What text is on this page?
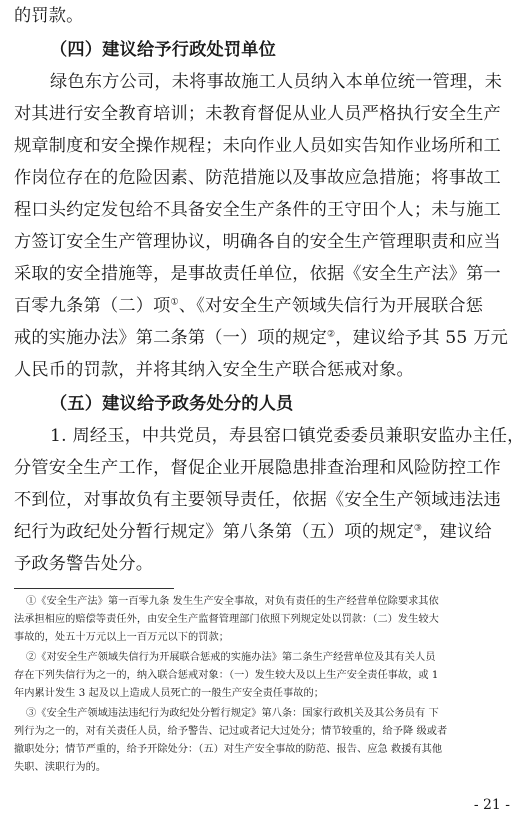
的罚款。
（四）建议给予行政处罚单位
绿色东方公司，未将事故施工人员纳入本单位统一管理，未
对其进行安全教育培训；未教育督促从业人员严格执行安全生产
规章制度和安全操作规程；未向作业人员如实告知作业场所和工
作岗位存在的危险因素、防范措施以及事故应急措施；将事故工
程口头约定发包给不具备安全生产条件的王守田个人；未与施工
方签订安全生产管理协议，明确各自的安全生产管理职责和应当
采取的安全措施等，是事故责任单位，依据《安全生产法》第一
百零九条第（二）项①、《对安全生产领域失信行为开展联合惩
戒的实施办法》第二条第（一）项的规定②，建议给予其 55 万元
人民币的罚款，并将其纳入安全生产联合惩戒对象。
（五）建议给予政务处分的人员
1. 周经玉，中共党员，寿县窑口镇党委委员兼职安监办主任，
分管安全生产工作，督促企业开展隐患排查治理和风险防控工作
不到位，对事故负有主要领导责任，依据《安全生产领域违法违
纪行为政纪处分暂行规定》第八条第（五）项的规定③，建议给
予政务警告处分。
①《安全生产法》第一百零九条 发生生产安全事故，对负有责任的生产经营单位除要求其依
法承担相应的赔偿等责任外，由安全生产监督管理部门依照下列规定处以罚款：（二）发生较大
事故的，处五十万元以上一百万元以下的罚款；
②《对安全生产领域失信行为开展联合惩戒的实施办法》第二条生产经营单位及其有关人员
存在下列失信行为之一的，纳入联合惩戒对象：（一）发生较大及以上生产安全责任事故，或 1
年内累计发生 3 起及以上造成人员死亡的一般生产安全责任事故的；
③《安全生产领域违法违纪行为政纪处分暂行规定》第八条：国家行政机关及其公务员有 下
列行为之一的，对有关责任人员，给予警告、记过或者记大过处分；情节较重的，给予降 级或者
撤职处分；情节严重的，给予开除处分：（五）对生产安全事故的防范、报告、应急 救援有其他
失职、渎职行为的。
- 21 -
